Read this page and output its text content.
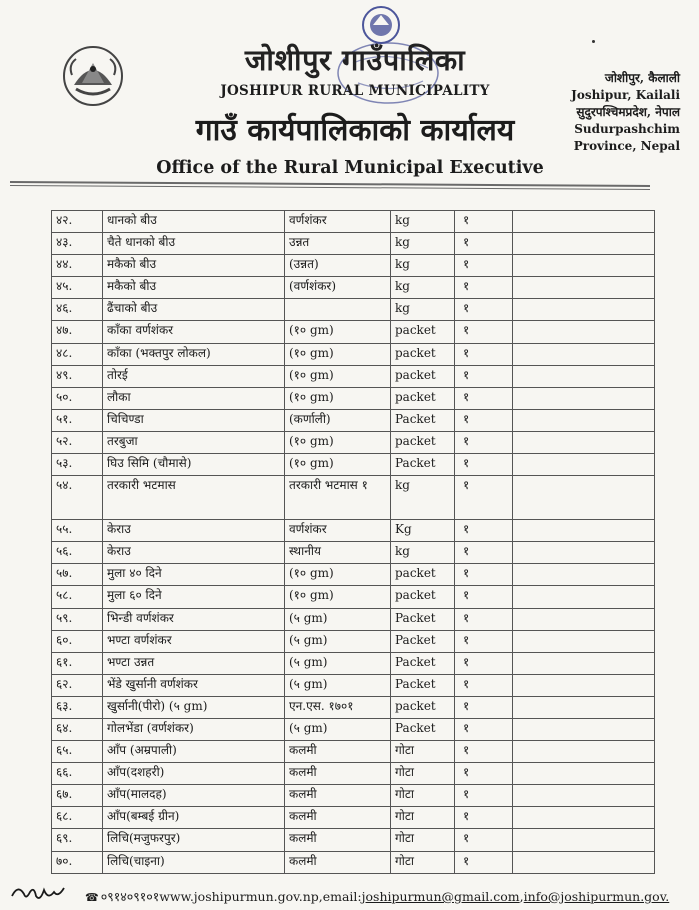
जोशीपुर गाउँपालिका
JOSHIPUR RURAL MUNICIPALITY
गाउँ कार्यपालिकाको कार्यालय
Office of the Rural Municipal Executive
जोशीपुर, कैलाली
Joshipur, Kailali
सुदुरपश्चिमप्रदेश, नेपाल
Sudurpashchim
Province, Nepal
४२.	धानको बीउ	वर्णशंकर	kg	१	
४३.	चैते धानको बीउ	उन्नत	kg	१	
४४.	मकैको बीउ	(उन्नत)	kg	१	
४५.	मकैको बीउ	(वर्णशंकर)	kg	१	
४६.	ढैंचाको बीउ		kg	१	
४७.	काँका वर्णशंकर	(१० gm)	packet	१	
४८.	काँका (भक्तपुर लोकल)	(१० gm)	packet	१	
४९.	तोरई	(१० gm)	packet	१	
५०.	लौका	(१० gm)	packet	१	
५१.	चिचिण्डा	(कर्णाली)	Packet	१	
५२.	तरबुजा	(१० gm)	packet	१	
५३.	घिउ सिमि (चौमासे)	(१० gm)	Packet	१	
५४.	तरकारी भटमास	तरकारी भटमास १	kg	१	
५५.	केराउ	वर्णशंकर	Kg	१	
५६.	केराउ	स्थानीय	kg	१	
५७.	मुला ४० दिने	(१० gm)	packet	१	
५८.	मुला ६० दिने	(१० gm)	packet	१	
५९.	भिन्डी वर्णशंकर	(५ gm)	Packet	१	
६०.	भण्टा वर्णशंकर	(५ gm)	Packet	१	
६१.	भण्टा उन्नत	(५ gm)	Packet	१	
६२.	भेंडे खुर्सानी वर्णशंकर	(५ gm)	Packet	१	
६३.	खुर्सानी(पीरो) (५ gm)	एन.एस. १७०१	packet	१	
६४.	गोलभेंडा (वर्णशंकर)	(५ gm)	Packet	१	
६५.	आँप (अम्रपाली)	कलमी	गोटा	१	
६६.	आँप(दशहरी)	कलमी	गोटा	१	
६७.	आँप(मालदह)	कलमी	गोटा	१	
६८.	आँप(बम्बई ग्रीन)	कलमी	गोटा	१	
६९.	लिचि(मजुफरपुर)	कलमी	गोटा	१	
७०.	लिचि(चाइना)	कलमी	गोटा	१	
☎ ०९१४०९१०१www.joshipurmun.gov.np,email:joshipurmun@gmail.com,info@joshipurmun.gov.
